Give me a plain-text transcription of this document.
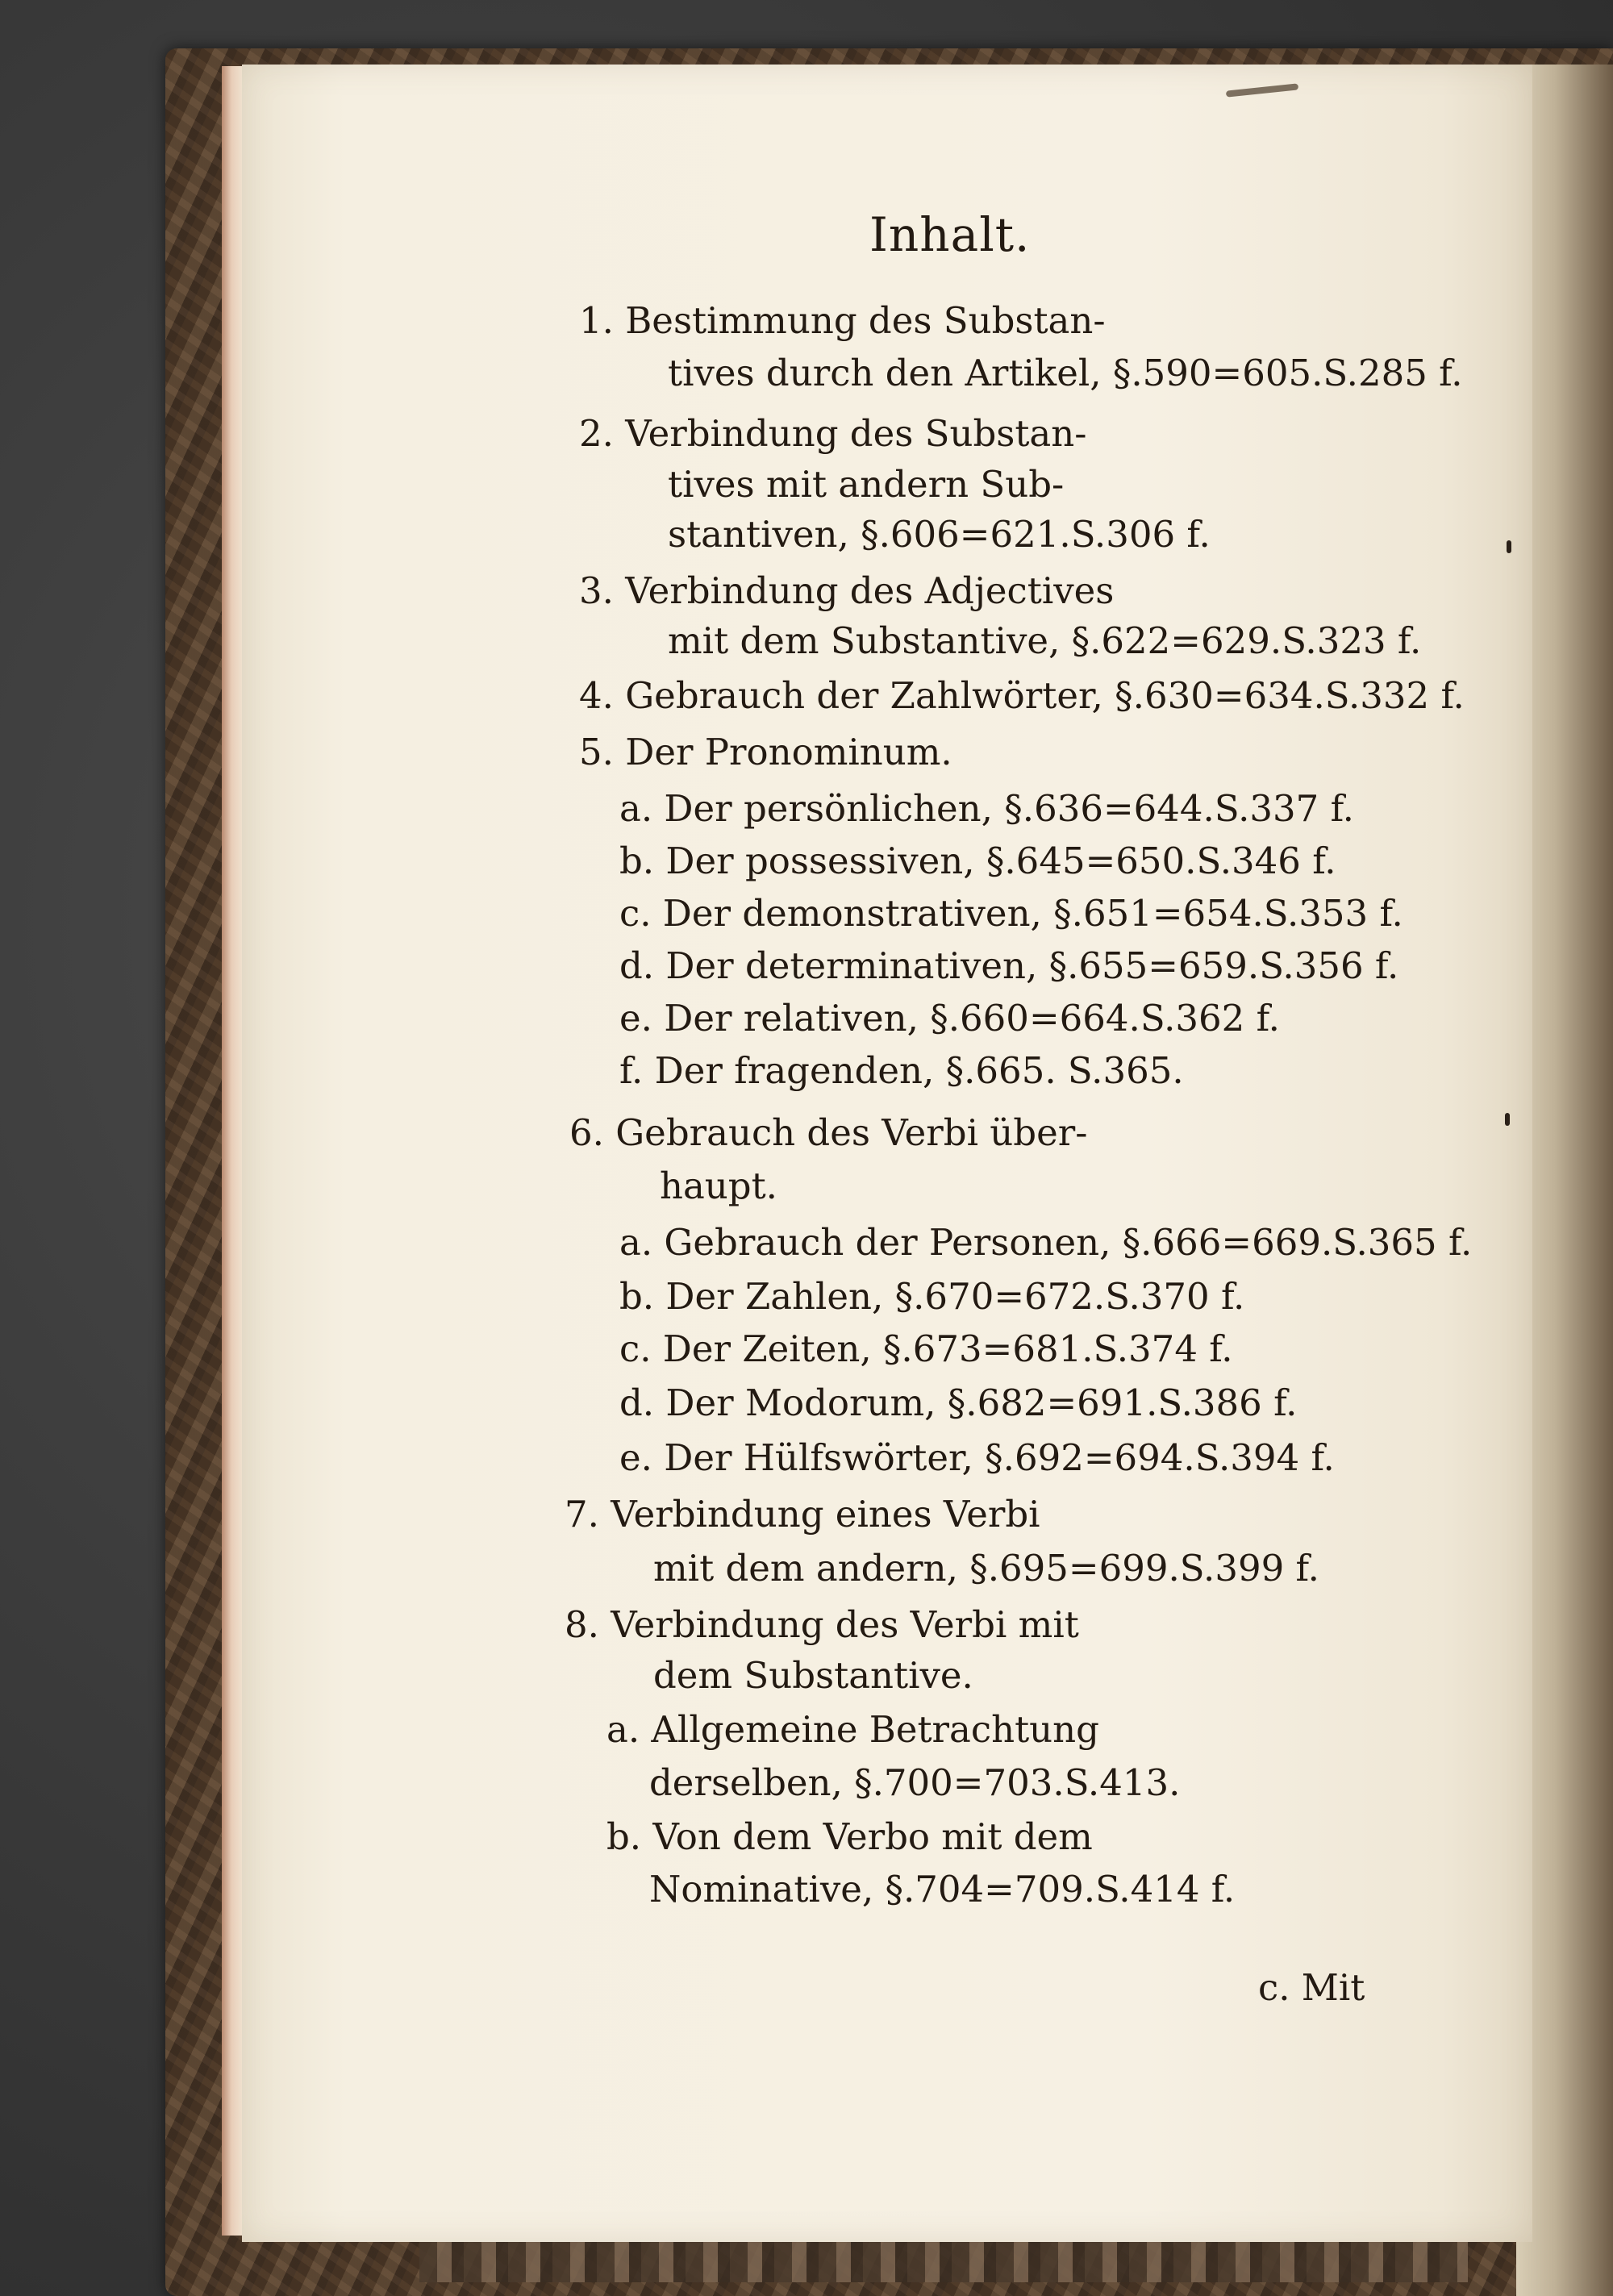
Inhalt.
1. Bestimmung des Substan-
tives durch den Artikel, §.590=605.S.285 f.
2. Verbindung des Substan-
tives mit andern Sub-
stantiven, §.606=621.S.306 f.
3. Verbindung des Adjectives
mit dem Substantive, §.622=629.S.323 f.
4. Gebrauch der Zahlwörter, §.630=634.S.332 f.
5. Der Pronominum.
a. Der persönlichen, §.636=644.S.337 f.
b. Der possessiven, §.645=650.S.346 f.
c. Der demonstrativen, §.651=654.S.353 f.
d. Der determinativen, §.655=659.S.356 f.
e. Der relativen, §.660=664.S.362 f.
f. Der fragenden, §.665. S.365.
6. Gebrauch des Verbi über-
haupt.
a. Gebrauch der Personen, §.666=669.S.365 f.
b. Der Zahlen, §.670=672.S.370 f.
c. Der Zeiten, §.673=681.S.374 f.
d. Der Modorum, §.682=691.S.386 f.
e. Der Hülfswörter, §.692=694.S.394 f.
7. Verbindung eines Verbi
mit dem andern, §.695=699.S.399 f.
8. Verbindung des Verbi mit
dem Substantive.
a. Allgemeine Betrachtung
derselben, §.700=703.S.413.
b. Von dem Verbo mit dem
Nominative, §.704=709.S.414 f.
c. Mit
